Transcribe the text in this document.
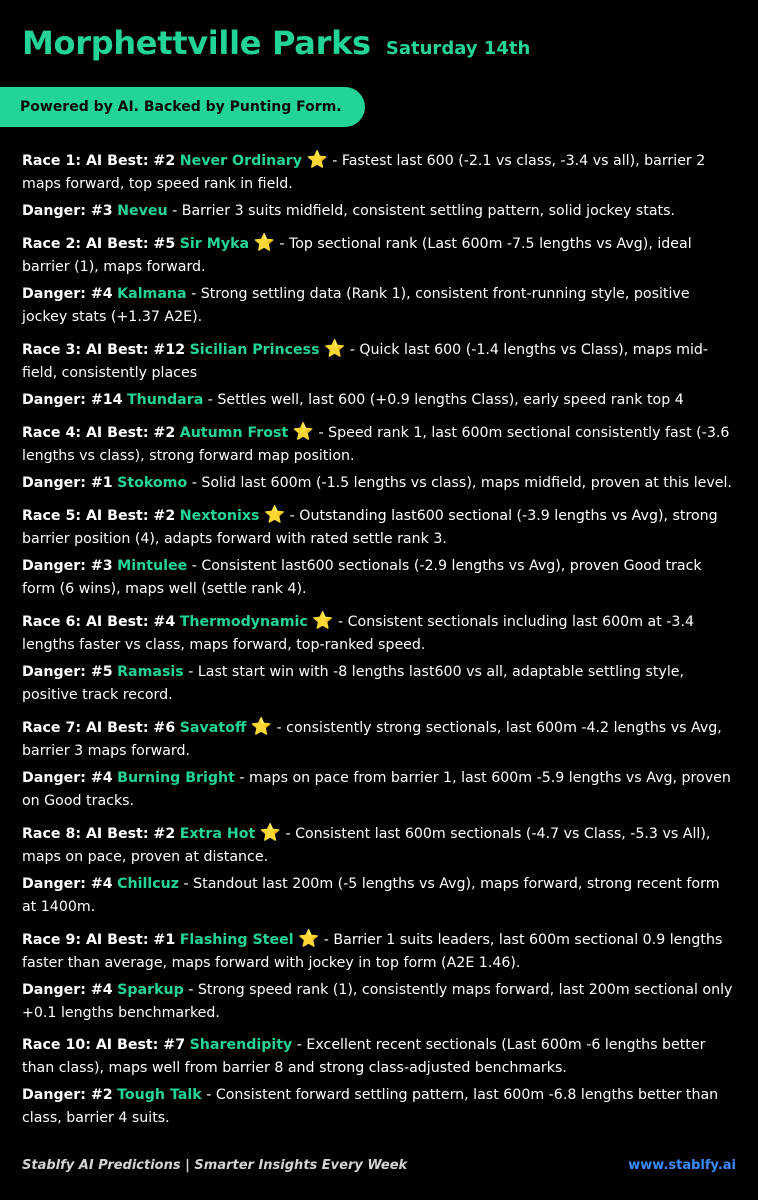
Morphettville Parks Saturday 14th
Powered by AI. Backed by Punting Form.
Race 1: AI Best: #2 Never Ordinary ⭐ - Fastest last 600 (-2.1 vs class, -3.4 vs all), barrier 2 maps forward, top speed rank in field.
Danger: #3 Neveu - Barrier 3 suits midfield, consistent settling pattern, solid jockey stats.
Race 2: AI Best: #5 Sir Myka ⭐ - Top sectional rank (Last 600m -7.5 lengths vs Avg), ideal barrier (1), maps forward.
Danger: #4 Kalmana - Strong settling data (Rank 1), consistent front-running style, positive jockey stats (+1.37 A2E).
Race 3: AI Best: #12 Sicilian Princess ⭐ - Quick last 600 (-1.4 lengths vs Class), maps mid-field, consistently places
Danger: #14 Thundara - Settles well, last 600 (+0.9 lengths Class), early speed rank top 4
Race 4: AI Best: #2 Autumn Frost ⭐ - Speed rank 1, last 600m sectional consistently fast (-3.6 lengths vs class), strong forward map position.
Danger: #1 Stokomo - Solid last 600m (-1.5 lengths vs class), maps midfield, proven at this level.
Race 5: AI Best: #2 Nextonixs ⭐ - Outstanding last600 sectional (-3.9 lengths vs Avg), strong barrier position (4), adapts forward with rated settle rank 3.
Danger: #3 Mintulee - Consistent last600 sectionals (-2.9 lengths vs Avg), proven Good track form (6 wins), maps well (settle rank 4).
Race 6: AI Best: #4 Thermodynamic ⭐ - Consistent sectionals including last 600m at -3.4 lengths faster vs class, maps forward, top-ranked speed.
Danger: #5 Ramasis - Last start win with -8 lengths last600 vs all, adaptable settling style, positive track record.
Race 7: AI Best: #6 Savatoff ⭐ - consistently strong sectionals, last 600m -4.2 lengths vs Avg, barrier 3 maps forward.
Danger: #4 Burning Bright - maps on pace from barrier 1, last 600m -5.9 lengths vs Avg, proven on Good tracks.
Race 8: AI Best: #2 Extra Hot ⭐ - Consistent last 600m sectionals (-4.7 vs Class, -5.3 vs All), maps on pace, proven at distance.
Danger: #4 Chillcuz - Standout last 200m (-5 lengths vs Avg), maps forward, strong recent form at 1400m.
Race 9: AI Best: #1 Flashing Steel ⭐ - Barrier 1 suits leaders, last 600m sectional 0.9 lengths faster than average, maps forward with jockey in top form (A2E 1.46).
Danger: #4 Sparkup - Strong speed rank (1), consistently maps forward, last 200m sectional only +0.1 lengths benchmarked.
Race 10: AI Best: #7 Sharendipity - Excellent recent sectionals (Last 600m -6 lengths better than class), maps well from barrier 8 and strong class-adjusted benchmarks.
Danger: #2 Tough Talk - Consistent forward settling pattern, last 600m -6.8 lengths better than class, barrier 4 suits.
Stablfy AI Predictions | Smarter Insights Every Week	www.stablfy.ai
